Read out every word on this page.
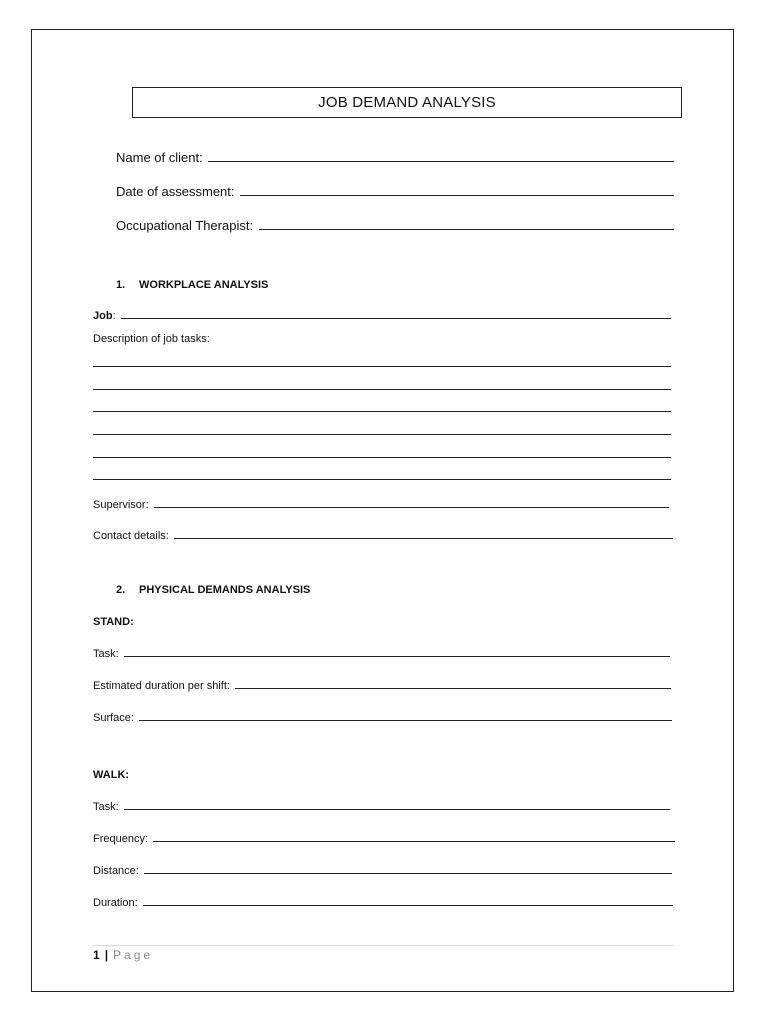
JOB DEMAND ANALYSIS
Name of client:
Date of assessment:
Occupational Therapist:
1.	WORKPLACE ANALYSIS
Job :
Description of job tasks:
Supervisor:
Contact details:
2.	PHYSICAL DEMANDS ANALYSIS
STAND:
Task:
Estimated duration per shift:
Surface:
WALK:
Task:
Frequency:
Distance:
Duration:
1 | Page
